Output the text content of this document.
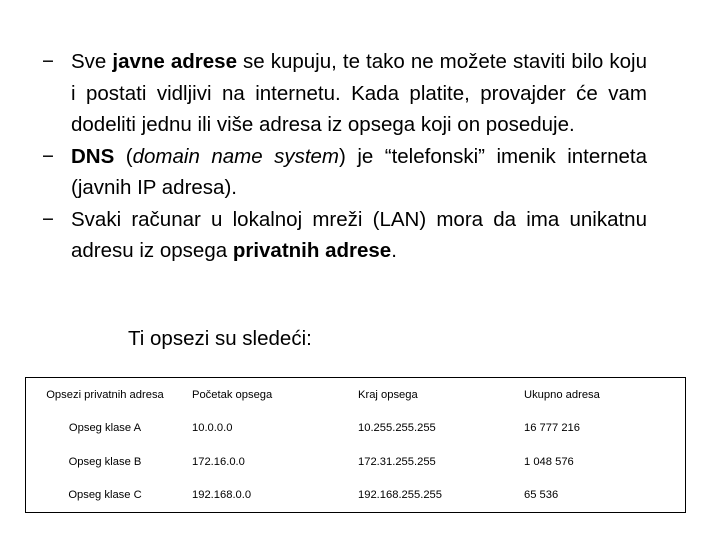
− Sve javne adrese se kupuju, te tako ne možete staviti bilo koju i postati vidljivi na internetu. Kada platite, provajder će vam dodeliti jednu ili više adresa iz opsega koji on poseduje.
− DNS (domain name system) je “telefonski” imenik interneta (javnih IP adresa).
− Svaki računar u lokalnoj mreži (LAN) mora da ima unikatnu adresu iz opsega privatnih adrese.
Ti opsezi su sledeći:
Opsezi privatnih adresa	Početak opsega	Kraj opsega	Ukupno adresa
Opseg klase A	10.0.0.0	10.255.255.255	16 777 216
Opseg klase B	172.16.0.0	172.31.255.255	1 048 576
Opseg klase C	192.168.0.0	192.168.255.255	65 536
